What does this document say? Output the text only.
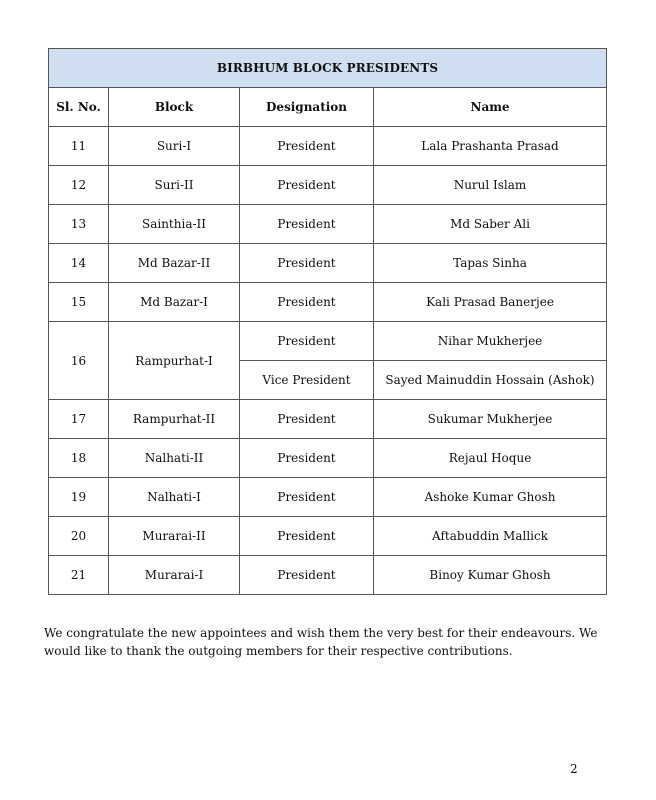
BIRBHUM BLOCK PRESIDENTS			
Sl. No.	Block	Designation	Name
11	Suri-I	President	Lala Prashanta Prasad
12	Suri-II	President	Nurul Islam
13	Sainthia-II	President	Md Saber Ali
14	Md Bazar-II	President	Tapas Sinha
15	Md Bazar-I	President	Kali Prasad Banerjee
16	Rampurhat-I	President	Nihar Mukherjee
		Vice President	Sayed Mainuddin Hossain (Ashok)
17	Rampurhat-II	President	Sukumar Mukherjee
18	Nalhati-II	President	Rejaul Hoque
19	Nalhati-I	President	Ashoke Kumar Ghosh
20	Murarai-II	President	Aftabuddin Mallick
21	Murarai-I	President	Binoy Kumar Ghosh

We congratulate the new appointees and wish them the very best for their endeavours. We would like to thank the outgoing members for their respective contributions.

2
